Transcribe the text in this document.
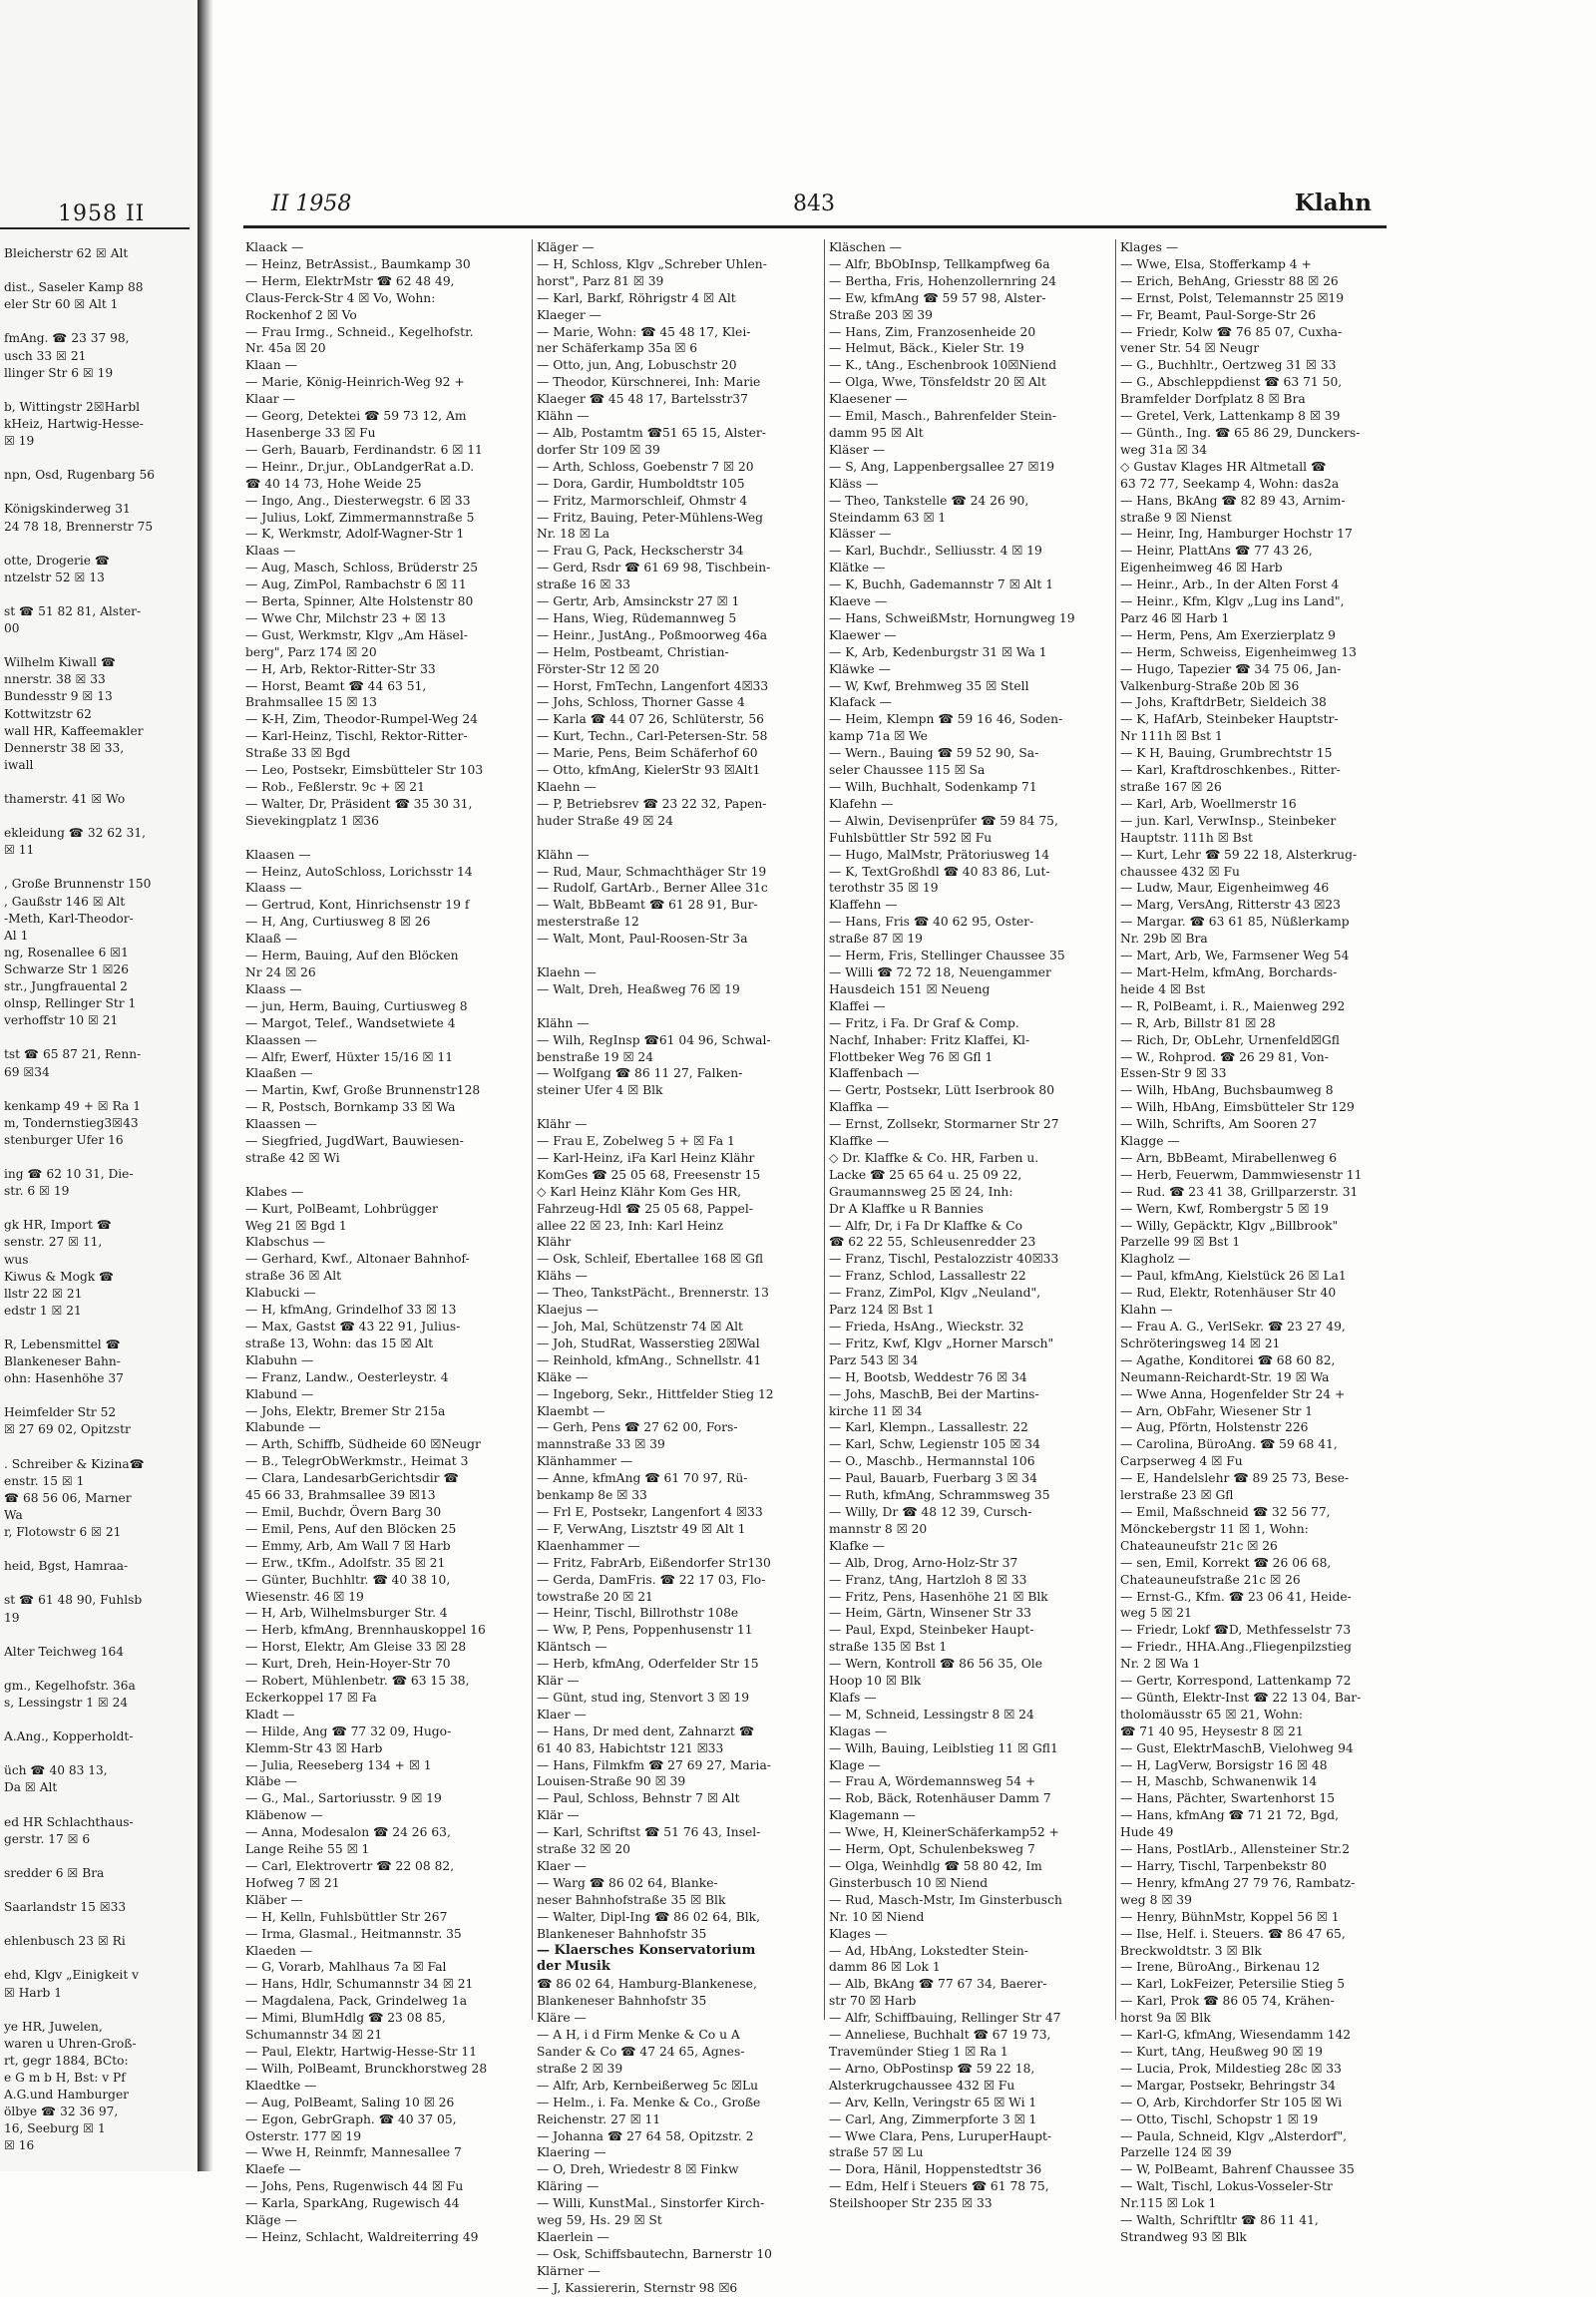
1958 II
Bleicherstr 62 ☒ Alt

dist., Saseler Kamp 88
eler Str 60 ☒ Alt 1

fmAng. ☎ 23 37 98,
usch 33 ☒ 21
llinger Str 6 ☒ 19

b, Wittingstr 2☒Harbl
kHeiz, Hartwig-Hesse-
☒ 19

npn, Osd, Rugenbarg 56

Königskinderweg 31
24 78 18, Brennerstr 75

otte, Drogerie ☎
ntzelstr 52 ☒ 13

st ☎ 51 82 81, Alster-
00

Wilhelm Kiwall ☎
nnerstr. 38 ☒ 33
Bundesstr 9 ☒ 13
Kottwitzstr 62
wall HR, Kaffeemakler
Dennerstr 38 ☒ 33,
iwall

thamerstr. 41 ☒ Wo

ekleidung ☎ 32 62 31,
☒ 11

, Große Brunnenstr 150
, Gaußstr 146 ☒ Alt
-Meth, Karl-Theodor-
Al 1
ng, Rosenallee 6 ☒1
Schwarze Str 1 ☒26
str., Jungfrauental 2
olnsp, Rellinger Str 1
verhoffstr 10 ☒ 21

tst ☎ 65 87 21, Renn-
69 ☒34

kenkamp 49 + ☒ Ra 1
m, Tondernstieg3☒43
stenburger Ufer 16

ing ☎ 62 10 31, Die-
str. 6 ☒ 19

gk HR, Import ☎
senstr. 27 ☒ 11,
wus
Kiwus & Mogk ☎
llstr 22 ☒ 21
edstr 1 ☒ 21

R, Lebensmittel ☎
Blankeneser Bahn-
ohn: Hasenhöhe 37

Heimfelder Str 52
☒ 27 69 02, Opitzstr

. Schreiber & Kizina☎
enstr. 15 ☒ 1
☎ 68 56 06, Marner
Wa
r, Flotowstr 6 ☒ 21

heid, Bgst, Hamraa-

st ☎ 61 48 90, Fuhlsb
19

Alter Teichweg 164

gm., Kegelhofstr. 36a
s, Lessingstr 1 ☒ 24

A.Ang., Kopperholdt-

üch ☎ 40 83 13,
Da ☒ Alt

ed HR Schlachthaus-
gerstr. 17 ☒ 6

sredder 6 ☒ Bra

Saarlandstr 15 ☒33

ehlenbusch 23 ☒ Ri

ehd, Klgv „Einigkeit v
☒ Harb 1

ye HR, Juwelen,
waren u Uhren-Groß-
rt, gegr 1884, BCto:
e G m b H, Bst: v Pf
A.G.und Hamburger
ölbye ☎ 32 36 97,
16, Seeburg ☒ 1
☒ 16
II 1958	843	Klahn
Klaack —
— Heinz, BetrAssist., Baumkamp 30
— Herm, ElektrMstr ☎ 62 48 49,
Claus-Ferck-Str 4 ☒ Vo, Wohn:
Rockenhof 2 ☒ Vo
— Frau Irmg., Schneid., Kegelhofstr.
Nr. 45a ☒ 20
Klaan —
— Marie, König-Heinrich-Weg 92 +
Klaar —
— Georg, Detektei ☎ 59 73 12, Am
Hasenberge 33 ☒ Fu
— Gerh, Bauarb, Ferdinandstr. 6 ☒ 11
— Heinr., Dr.jur., ObLandgerRat a.D.
☎ 40 14 73, Hohe Weide 25
— Ingo, Ang., Diesterwegstr. 6 ☒ 33
— Julius, Lokf, Zimmermannstraße 5
— K, Werkmstr, Adolf-Wagner-Str 1
Klaas —
— Aug, Masch, Schloss, Brüderstr 25
— Aug, ZimPol, Rambachstr 6 ☒ 11
— Berta, Spinner, Alte Holstenstr 80
— Wwe Chr, Milchstr 23 + ☒ 13
— Gust, Werkmstr, Klgv „Am Häsel-
berg", Parz 174 ☒ 20
— H, Arb, Rektor-Ritter-Str 33
— Horst, Beamt ☎ 44 63 51,
Brahmsallee 15 ☒ 13
— K-H, Zim, Theodor-Rumpel-Weg 24
— Karl-Heinz, Tischl, Rektor-Ritter-
Straße 33 ☒ Bgd
— Leo, Postsekr, Eimsbütteler Str 103
— Rob., Feßlerstr. 9c + ☒ 21
— Walter, Dr, Präsident ☎ 35 30 31,
Sievekingplatz 1 ☒36

Klaasen —
— Heinz, AutoSchloss, Lorichsstr 14
Klaass —
— Gertrud, Kont, Hinrichsenstr 19 f
— H, Ang, Curtiusweg 8 ☒ 26
Klaaß —
— Herm, Bauing, Auf den Blöcken
Nr 24 ☒ 26
Klaass —
— jun, Herm, Bauing, Curtiusweg 8
— Margot, Telef., Wandsetwiete 4
Klaassen —
— Alfr, Ewerf, Hüxter 15/16 ☒ 11
Klaaßen —
— Martin, Kwf, Große Brunnenstr128
— R, Postsch, Bornkamp 33 ☒ Wa
Klaassen —
— Siegfried, JugdWart, Bauwiesen-
straße 42 ☒ Wi

Klabes —
— Kurt, PolBeamt, Lohbrügger
Weg 21 ☒ Bgd 1
Klabschus —
— Gerhard, Kwf., Altonaer Bahnhof-
straße 36 ☒ Alt
Klabucki —
— H, kfmAng, Grindelhof 33 ☒ 13
— Max, Gastst ☎ 43 22 91, Julius-
straße 13, Wohn: das 15 ☒ Alt
Klabuhn —
— Franz, Landw., Oesterleystr. 4
Klabund —
— Johs, Elektr, Bremer Str 215a
Klabunde —
— Arth, Schiffb, Südheide 60 ☒Neugr
— B., TelegrObWerkmstr., Heimat 3
— Clara, LandesarbGerichtsdir ☎
45 66 33, Brahmsallee 39 ☒13
— Emil, Buchdr, Övern Barg 30
— Emil, Pens, Auf den Blöcken 25
— Emmy, Arb, Am Wall 7 ☒ Harb
— Erw., tKfm., Adolfstr. 35 ☒ 21
— Günter, Buchhltr. ☎ 40 38 10,
Wiesenstr. 46 ☒ 19
— H, Arb, Wilhelmsburger Str. 4
— Herb, kfmAng, Brennhauskoppel 16
— Horst, Elektr, Am Gleise 33 ☒ 28
— Kurt, Dreh, Hein-Hoyer-Str 70
— Robert, Mühlenbetr. ☎ 63 15 38,
Eckerkoppel 17 ☒ Fa
Kladt —
— Hilde, Ang ☎ 77 32 09, Hugo-
Klemm-Str 43 ☒ Harb
— Julia, Reeseberg 134 + ☒ 1
Kläbe —
— G., Mal., Sartoriusstr. 9 ☒ 19
Kläbenow —
— Anna, Modesalon ☎ 24 26 63,
Lange Reihe 55 ☒ 1
— Carl, Elektrovertr ☎ 22 08 82,
Hofweg 7 ☒ 21
Kläber —
— H, Kelln, Fuhlsbüttler Str 267
— Irma, Glasmal., Heitmannstr. 35
Klaeden —
— G, Vorarb, Mahlhaus 7a ☒ Fal
— Hans, Hdlr, Schumannstr 34 ☒ 21
— Magdalena, Pack, Grindelweg 1a
— Mimi, BlumHdlg ☎ 23 08 85,
Schumannstr 34 ☒ 21
— Paul, Elektr, Hartwig-Hesse-Str 11
— Wilh, PolBeamt, Brunckhorstweg 28
Klaedtke —
— Aug, PolBeamt, Saling 10 ☒ 26
— Egon, GebrGraph. ☎ 40 37 05,
Osterstr. 177 ☒ 19
— Wwe H, Reinmfr, Mannesallee 7
Klaefe —
— Johs, Pens, Rugenwisch 44 ☒ Fu
— Karla, SparkAng, Rugewisch 44
Kläge —
— Heinz, Schlacht, Waldreiterring 49
Kläger —
— H, Schloss, Klgv „Schreber Uhlen-
horst", Parz 81 ☒ 39
— Karl, Barkf, Röhrigstr 4 ☒ Alt
Klaeger —
— Marie, Wohn: ☎ 45 48 17, Klei-
ner Schäferkamp 35a ☒ 6
— Otto, jun, Ang, Lobuschstr 20
— Theodor, Kürschnerei, Inh: Marie
Klaeger ☎ 45 48 17, Bartelsstr37
Klähn —
— Alb, Postamtm ☎51 65 15, Alster-
dorfer Str 109 ☒ 39
— Arth, Schloss, Goebenstr 7 ☒ 20
— Dora, Gardir, Humboldtstr 105
— Fritz, Marmorschleif, Ohmstr 4
— Fritz, Bauing, Peter-Mühlens-Weg
Nr. 18 ☒ La
— Frau G, Pack, Heckscherstr 34
— Gerd, Rsdr ☎ 61 69 98, Tischbein-
straße 16 ☒ 33
— Gertr, Arb, Amsinckstr 27 ☒ 1
— Hans, Wieg, Rüdemannweg 5
— Heinr., JustAng., Poßmoorweg 46a
— Helm, Postbeamt, Christian-
Förster-Str 12 ☒ 20
— Horst, FmTechn, Langenfort 4☒33
— Johs, Schloss, Thorner Gasse 4
— Karla ☎ 44 07 26, Schlüterstr, 56
— Kurt, Techn., Carl-Petersen-Str. 58
— Marie, Pens, Beim Schäferhof 60
— Otto, kfmAng, KielerStr 93 ☒Alt1
Klaehn —
— P, Betriebsrev ☎ 23 22 32, Papen-
huder Straße 49 ☒ 24

Klähn —
— Rud, Maur, Schmachthäger Str 19
— Rudolf, GartArb., Berner Allee 31c
— Walt, BbBeamt ☎ 61 28 91, Bur-
mesterstraße 12
— Walt, Mont, Paul-Roosen-Str 3a

Klaehn —
— Walt, Dreh, Heaßweg 76 ☒ 19

Klähn —
— Wilh, RegInsp ☎61 04 96, Schwal-
benstraße 19 ☒ 24
— Wolfgang ☎ 86 11 27, Falken-
steiner Ufer 4 ☒ Blk

Klähr —
— Frau E, Zobelweg 5 + ☒ Fa 1
— Karl-Heinz, iFa Karl Heinz Klähr
KomGes ☎ 25 05 68, Freesenstr 15
◇ Karl Heinz Klähr Kom Ges HR,
Fahrzeug-Hdl ☎ 25 05 68, Pappel-
allee 22 ☒ 23, Inh: Karl Heinz
Klähr
— Osk, Schleif, Ebertallee 168 ☒ Gfl
Klähs —
— Theo, TankstPächt., Brennerstr. 13
Klaejus —
— Joh, Mal, Schützenstr 74 ☒ Alt
— Joh, StudRat, Wasserstieg 2☒Wal
— Reinhold, kfmAng., Schnellstr. 41
Kläke —
— Ingeborg, Sekr., Hittfelder Stieg 12
Klaembt —
— Gerh, Pens ☎ 27 62 00, Fors-
mannstraße 33 ☒ 39
Klänhammer —
— Anne, kfmAng ☎ 61 70 97, Rü-
benkamp 8e ☒ 33
— Frl E, Postsekr, Langenfort 4 ☒33
— F, VerwAng, Lisztstr 49 ☒ Alt 1
Klaenhammer —
— Fritz, FabrArb, Eißendorfer Str130
— Gerda, DamFris. ☎ 22 17 03, Flo-
towstraße 20 ☒ 21
— Heinr, Tischl, Billrothstr 108e
— Ww, P, Pens, Poppenhusenstr 11
Kläntsch —
— Herb, kfmAng, Oderfelder Str 15
Klär —
— Günt, stud ing, Stenvort 3 ☒ 19
Klaer —
— Hans, Dr med dent, Zahnarzt ☎
61 40 83, Habichtstr 121 ☒33
— Hans, Filmkfm ☎ 27 69 27, Maria-
Louisen-Straße 90 ☒ 39
— Paul, Schloss, Behnstr 7 ☒ Alt
Klär —
— Karl, Schriftst ☎ 51 76 43, Insel-
straße 32 ☒ 20
Klaer —
— Warg ☎ 86 02 64, Blanke-
neser Bahnhofstraße 35 ☒ Blk
— Walter, Dipl-Ing ☎ 86 02 64, Blk,
Blankeneser Bahnhofstr 35
— Klaersches Konservatorium
der Musik
☎ 86 02 64, Hamburg-Blankenese,
Blankeneser Bahnhofstr 35
Kläre —
— A H, i d Firm Menke & Co u A
Sander & Co ☎ 47 24 65, Agnes-
straße 2 ☒ 39
— Alfr, Arb, Kernbeißerweg 5c ☒Lu
— Helm., i. Fa. Menke & Co., Große
Reichenstr. 27 ☒ 11
— Johanna ☎ 27 64 58, Opitzstr. 2
Klaering —
— O, Dreh, Wriedestr 8 ☒ Finkw
Kläring —
— Willi, KunstMal., Sinstorfer Kirch-
weg 59, Hs. 29 ☒ St
Klaerlein —
— Osk, Schiffsbautechn, Barnerstr 10
Klärner —
— J, Kassiererin, Sternstr 98 ☒6
Kläschen —
— Alfr, BbObInsp, Tellkampfweg 6a
— Bertha, Fris, Hohenzollernring 24
— Ew, kfmAng ☎ 59 57 98, Alster-
Straße 203 ☒ 39
— Hans, Zim, Franzosenheide 20
— Helmut, Bäck., Kieler Str. 19
— K., tAng., Eschenbrook 10☒Niend
— Olga, Wwe, Tönsfeldstr 20 ☒ Alt
Klaesener —
— Emil, Masch., Bahrenfelder Stein-
damm 95 ☒ Alt
Kläser —
— S, Ang, Lappenbergsallee 27 ☒19
Kläss —
— Theo, Tankstelle ☎ 24 26 90,
Steindamm 63 ☒ 1
Klässer —
— Karl, Buchdr., Selliusstr. 4 ☒ 19
Klätke —
— K, Buchh, Gademannstr 7 ☒ Alt 1
Klaeve —
— Hans, SchweißMstr, Hornungweg 19
Klaewer —
— K, Arb, Kedenburgstr 31 ☒ Wa 1
Kläwke —
— W, Kwf, Brehmweg 35 ☒ Stell
Klafack —
— Heim, Klempn ☎ 59 16 46, Soden-
kamp 71a ☒ We
— Wern., Bauing ☎ 59 52 90, Sa-
seler Chaussee 115 ☒ Sa
— Wilh, Buchhalt, Sodenkamp 71
Klafehn —
— Alwin, Devisenprüfer ☎ 59 84 75,
Fuhlsbüttler Str 592 ☒ Fu
— Hugo, MalMstr, Prätoriusweg 14
— K, TextGroßhdl ☎ 40 83 86, Lut-
terothstr 35 ☒ 19
Klaffehn —
— Hans, Fris ☎ 40 62 95, Oster-
straße 87 ☒ 19
— Herm, Fris, Stellinger Chaussee 35
— Willi ☎ 72 72 18, Neuengammer
Hausdeich 151 ☒ Neueng
Klaffei —
— Fritz, i Fa. Dr Graf & Comp.
Nachf, Inhaber: Fritz Klaffei, Kl-
Flottbeker Weg 76 ☒ Gfl 1
Klaffenbach —
— Gertr, Postsekr, Lütt Iserbrook 80
Klaffka —
— Ernst, Zollsekr, Stormarner Str 27
Klaffke —
◇ Dr. Klaffke & Co. HR, Farben u.
Lacke ☎ 25 65 64 u. 25 09 22,
Graumannsweg 25 ☒ 24, Inh:
Dr A Klaffke u R Bannies
— Alfr, Dr, i Fa Dr Klaffke & Co
☎ 62 22 55, Schleusenredder 23
— Franz, Tischl, Pestalozzistr 40☒33
— Franz, Schlod, Lassallestr 22
— Franz, ZimPol, Klgv „Neuland",
Parz 124 ☒ Bst 1
— Frieda, HsAng., Wieckstr. 32
— Fritz, Kwf, Klgv „Horner Marsch"
Parz 543 ☒ 34
— H, Bootsb, Weddestr 76 ☒ 34
— Johs, MaschB, Bei der Martins-
kirche 11 ☒ 34
— Karl, Klempn., Lassallestr. 22
— Karl, Schw, Legienstr 105 ☒ 34
— O., Maschb., Hermannstal 106
— Paul, Bauarb, Fuerbarg 3 ☒ 34
— Ruth, kfmAng, Schrammsweg 35
— Willy, Dr ☎ 48 12 39, Cursch-
mannstr 8 ☒ 20
Klafke —
— Alb, Drog, Arno-Holz-Str 37
— Franz, tAng, Hartzloh 8 ☒ 33
— Fritz, Pens, Hasenhöhe 21 ☒ Blk
— Heim, Gärtn, Winsener Str 33
— Paul, Expd, Steinbeker Haupt-
straße 135 ☒ Bst 1
— Wern, Kontroll ☎ 86 56 35, Ole
Hoop 10 ☒ Blk
Klafs —
— M, Schneid, Lessingstr 8 ☒ 24
Klagas —
— Wilh, Bauing, Leiblstieg 11 ☒ Gfl1
Klage —
— Frau A, Wördemannsweg 54 +
— Rob, Bäck, Rotenhäuser Damm 7
Klagemann —
— Wwe, H, KleinerSchäferkamp52 +
— Herm, Opt, Schulenbeksweg 7
— Olga, Weinhdlg ☎ 58 80 42, Im
Ginsterbusch 10 ☒ Niend
— Rud, Masch-Mstr, Im Ginsterbusch
Nr. 10 ☒ Niend
Klages —
— Ad, HbAng, Lokstedter Stein-
damm 86 ☒ Lok 1
— Alb, BkAng ☎ 77 67 34, Baerer-
str 70 ☒ Harb
— Alfr, Schiffbauing, Rellinger Str 47
— Anneliese, Buchhalt ☎ 67 19 73,
Travemünder Stieg 1 ☒ Ra 1
— Arno, ObPostinsp ☎ 59 22 18,
Alsterkrugchaussee 432 ☒ Fu
— Arv, Kelln, Veringstr 65 ☒ Wi 1
— Carl, Ang, Zimmerpforte 3 ☒ 1
— Wwe Clara, Pens, LuruperHaupt-
straße 57 ☒ Lu
— Dora, Hänil, Hoppenstedtstr 36
— Edm, Helf i Steuers ☎ 61 78 75,
Steilshooper Str 235 ☒ 33
Klages —
— Wwe, Elsa, Stofferkamp 4 +
— Erich, BehAng, Griesstr 88 ☒ 26
— Ernst, Polst, Telemannstr 25 ☒19
— Fr, Beamt, Paul-Sorge-Str 26
— Friedr, Kolw ☎ 76 85 07, Cuxha-
vener Str. 54 ☒ Neugr
— G., Buchhltr., Oertzweg 31 ☒ 33
— G., Abschleppdienst ☎ 63 71 50,
Bramfelder Dorfplatz 8 ☒ Bra
— Gretel, Verk, Lattenkamp 8 ☒ 39
— Günth., Ing. ☎ 65 86 29, Dunckers-
weg 31a ☒ 34
◇ Gustav Klages HR Altmetall ☎
63 72 77, Seekamp 4, Wohn: das2a
— Hans, BkAng ☎ 82 89 43, Arnim-
straße 9 ☒ Nienst
— Heinr, Ing, Hamburger Hochstr 17
— Heinr, PlattAns ☎ 77 43 26,
Eigenheimweg 46 ☒ Harb
— Heinr., Arb., In der Alten Forst 4
— Heinr., Kfm, Klgv „Lug ins Land",
Parz 46 ☒ Harb 1
— Herm, Pens, Am Exerzierplatz 9
— Herm, Schweiss, Eigenheimweg 13
— Hugo, Tapezier ☎ 34 75 06, Jan-
Valkenburg-Straße 20b ☒ 36
— Johs, KraftdrBetr, Sieldeich 38
— K, HafArb, Steinbeker Hauptstr-
Nr 111h ☒ Bst 1
— K H, Bauing, Grumbrechtstr 15
— Karl, Kraftdroschkenbes., Ritter-
straße 167 ☒ 26
— Karl, Arb, Woellmerstr 16
— jun. Karl, VerwInsp., Steinbeker
Hauptstr. 111h ☒ Bst
— Kurt, Lehr ☎ 59 22 18, Alsterkrug-
chaussee 432 ☒ Fu
— Ludw, Maur, Eigenheimweg 46
— Marg, VersAng, Ritterstr 43 ☒23
— Margar. ☎ 63 61 85, Nüßlerkamp
Nr. 29b ☒ Bra
— Mart, Arb, We, Farmsener Weg 54
— Mart-Helm, kfmAng, Borchards-
heide 4 ☒ Bst
— R, PolBeamt, i. R., Maienweg 292
— R, Arb, Billstr 81 ☒ 28
— Rich, Dr, ObLehr, Urnenfeld☒Gfl
— W., Rohprod. ☎ 26 29 81, Von-
Essen-Str 9 ☒ 33
— Wilh, HbAng, Buchsbaumweg 8
— Wilh, HbAng, Eimsbütteler Str 129
— Wilh, Schrifts, Am Sooren 27
Klagge —
— Arn, BbBeamt, Mirabellenweg 6
— Herb, Feuerwm, Dammwiesenstr 11
— Rud. ☎ 23 41 38, Grillparzerstr. 31
— Wern, Kwf, Rombergstr 5 ☒ 19
— Willy, Gepäcktr, Klgv „Billbrook"
Parzelle 99 ☒ Bst 1
Klagholz —
— Paul, kfmAng, Kielstück 26 ☒ La1
— Rud, Elektr, Rotenhäuser Str 40
Klahn —
— Frau A. G., VerlSekr. ☎ 23 27 49,
Schröteringsweg 14 ☒ 21
— Agathe, Konditorei ☎ 68 60 82,
Neumann-Reichardt-Str. 19 ☒ Wa
— Wwe Anna, Hogenfelder Str 24 +
— Arn, ObFahr, Wiesener Str 1
— Aug, Pförtn, Holstenstr 226
— Carolina, BüroAng. ☎ 59 68 41,
Carpserweg 4 ☒ Fu
— E, Handelslehr ☎ 89 25 73, Bese-
lerstraße 23 ☒ Gfl
— Emil, Maßschneid ☎ 32 56 77,
Mönckebergstr 11 ☒ 1, Wohn:
Chateauneufstr 21c ☒ 26
— sen, Emil, Korrekt ☎ 26 06 68,
Chateauneufstraße 21c ☒ 26
— Ernst-G., Kfm. ☎ 23 06 41, Heide-
weg 5 ☒ 21
— Friedr, Lokf ☎D, Methfesselstr 73
— Friedr., HHA.Ang.,Fliegenpilzstieg
Nr. 2 ☒ Wa 1
— Gertr, Korrespond, Lattenkamp 72
— Günth, Elektr-Inst ☎ 22 13 04, Bar-
tholomäusstr 65 ☒ 21, Wohn:
☎ 71 40 95, Heysestr 8 ☒ 21
— Gust, ElektrMaschB, Vielohweg 94
— H, LagVerw, Borsigstr 16 ☒ 48
— H, Maschb, Schwanenwik 14
— Hans, Pächter, Swartenhorst 15
— Hans, kfmAng ☎ 71 21 72, Bgd,
Hude 49
— Hans, PostlArb., Allensteiner Str.2
— Harry, Tischl, Tarpenbekstr 80
— Henry, kfmAng 27 79 76, Rambatz-
weg 8 ☒ 39
— Henry, BühnMstr, Koppel 56 ☒ 1
— Ilse, Helf. i. Steuers. ☎ 86 47 65,
Breckwoldtstr. 3 ☒ Blk
— Irene, BüroAng., Birkenau 12
— Karl, LokFeizer, Petersilie Stieg 5
— Karl, Prok ☎ 86 05 74, Krähen-
horst 9a ☒ Blk
— Karl-G, kfmAng, Wiesendamm 142
— Kurt, tAng, Heußweg 90 ☒ 19
— Lucia, Prok, Mildestieg 28c ☒ 33
— Margar, Postsekr, Behringstr 34
— O, Arb, Kirchdorfer Str 105 ☒ Wi
— Otto, Tischl, Schopstr 1 ☒ 19
— Paula, Schneid, Klgv „Alsterdorf",
Parzelle 124 ☒ 39
— W, PolBeamt, Bahrenf Chaussee 35
— Walt, Tischl, Lokus-Vosseler-Str
Nr.115 ☒ Lok 1
— Walth, Schriftltr ☎ 86 11 41,
Strandweg 93 ☒ Blk
